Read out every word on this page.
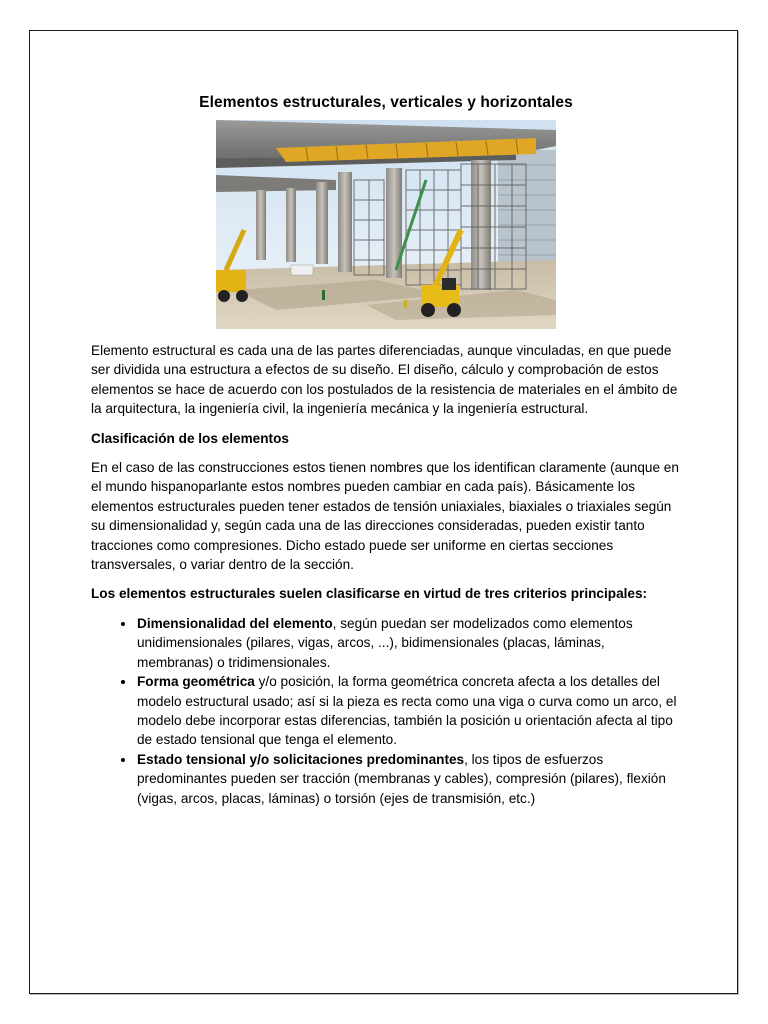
Elementos estructurales, verticales y horizontales

Elemento estructural es cada una de las partes diferenciadas, aunque vinculadas, en que puede ser dividida una estructura a efectos de su diseño. El diseño, cálculo y comprobación de estos elementos se hace de acuerdo con los postulados de la resistencia de materiales en el ámbito de la arquitectura, la ingeniería civil, la ingeniería mecánica y la ingeniería estructural.

Clasificación de los elementos

En el caso de las construcciones estos tienen nombres que los identifican claramente (aunque en el mundo hispanoparlante estos nombres pueden cambiar en cada país). Básicamente los elementos estructurales pueden tener estados de tensión uniaxiales, biaxiales o triaxiales según su dimensionalidad y, según cada una de las direcciones consideradas, pueden existir tanto tracciones como compresiones. Dicho estado puede ser uniforme en ciertas secciones transversales, o variar dentro de la sección.

Los elementos estructurales suelen clasificarse en virtud de tres criterios principales:

• Dimensionalidad del elemento, según puedan ser modelizados como elementos unidimensionales (pilares, vigas, arcos, ...), bidimensionales (placas, láminas, membranas) o tridimensionales.
• Forma geométrica y/o posición, la forma geométrica concreta afecta a los detalles del modelo estructural usado; así si la pieza es recta como una viga o curva como un arco, el modelo debe incorporar estas diferencias, también la posición u orientación afecta al tipo de estado tensional que tenga el elemento.
• Estado tensional y/o solicitaciones predominantes, los tipos de esfuerzos predominantes pueden ser tracción (membranas y cables), compresión (pilares), flexión (vigas, arcos, placas, láminas) o torsión (ejes de transmisión, etc.)
